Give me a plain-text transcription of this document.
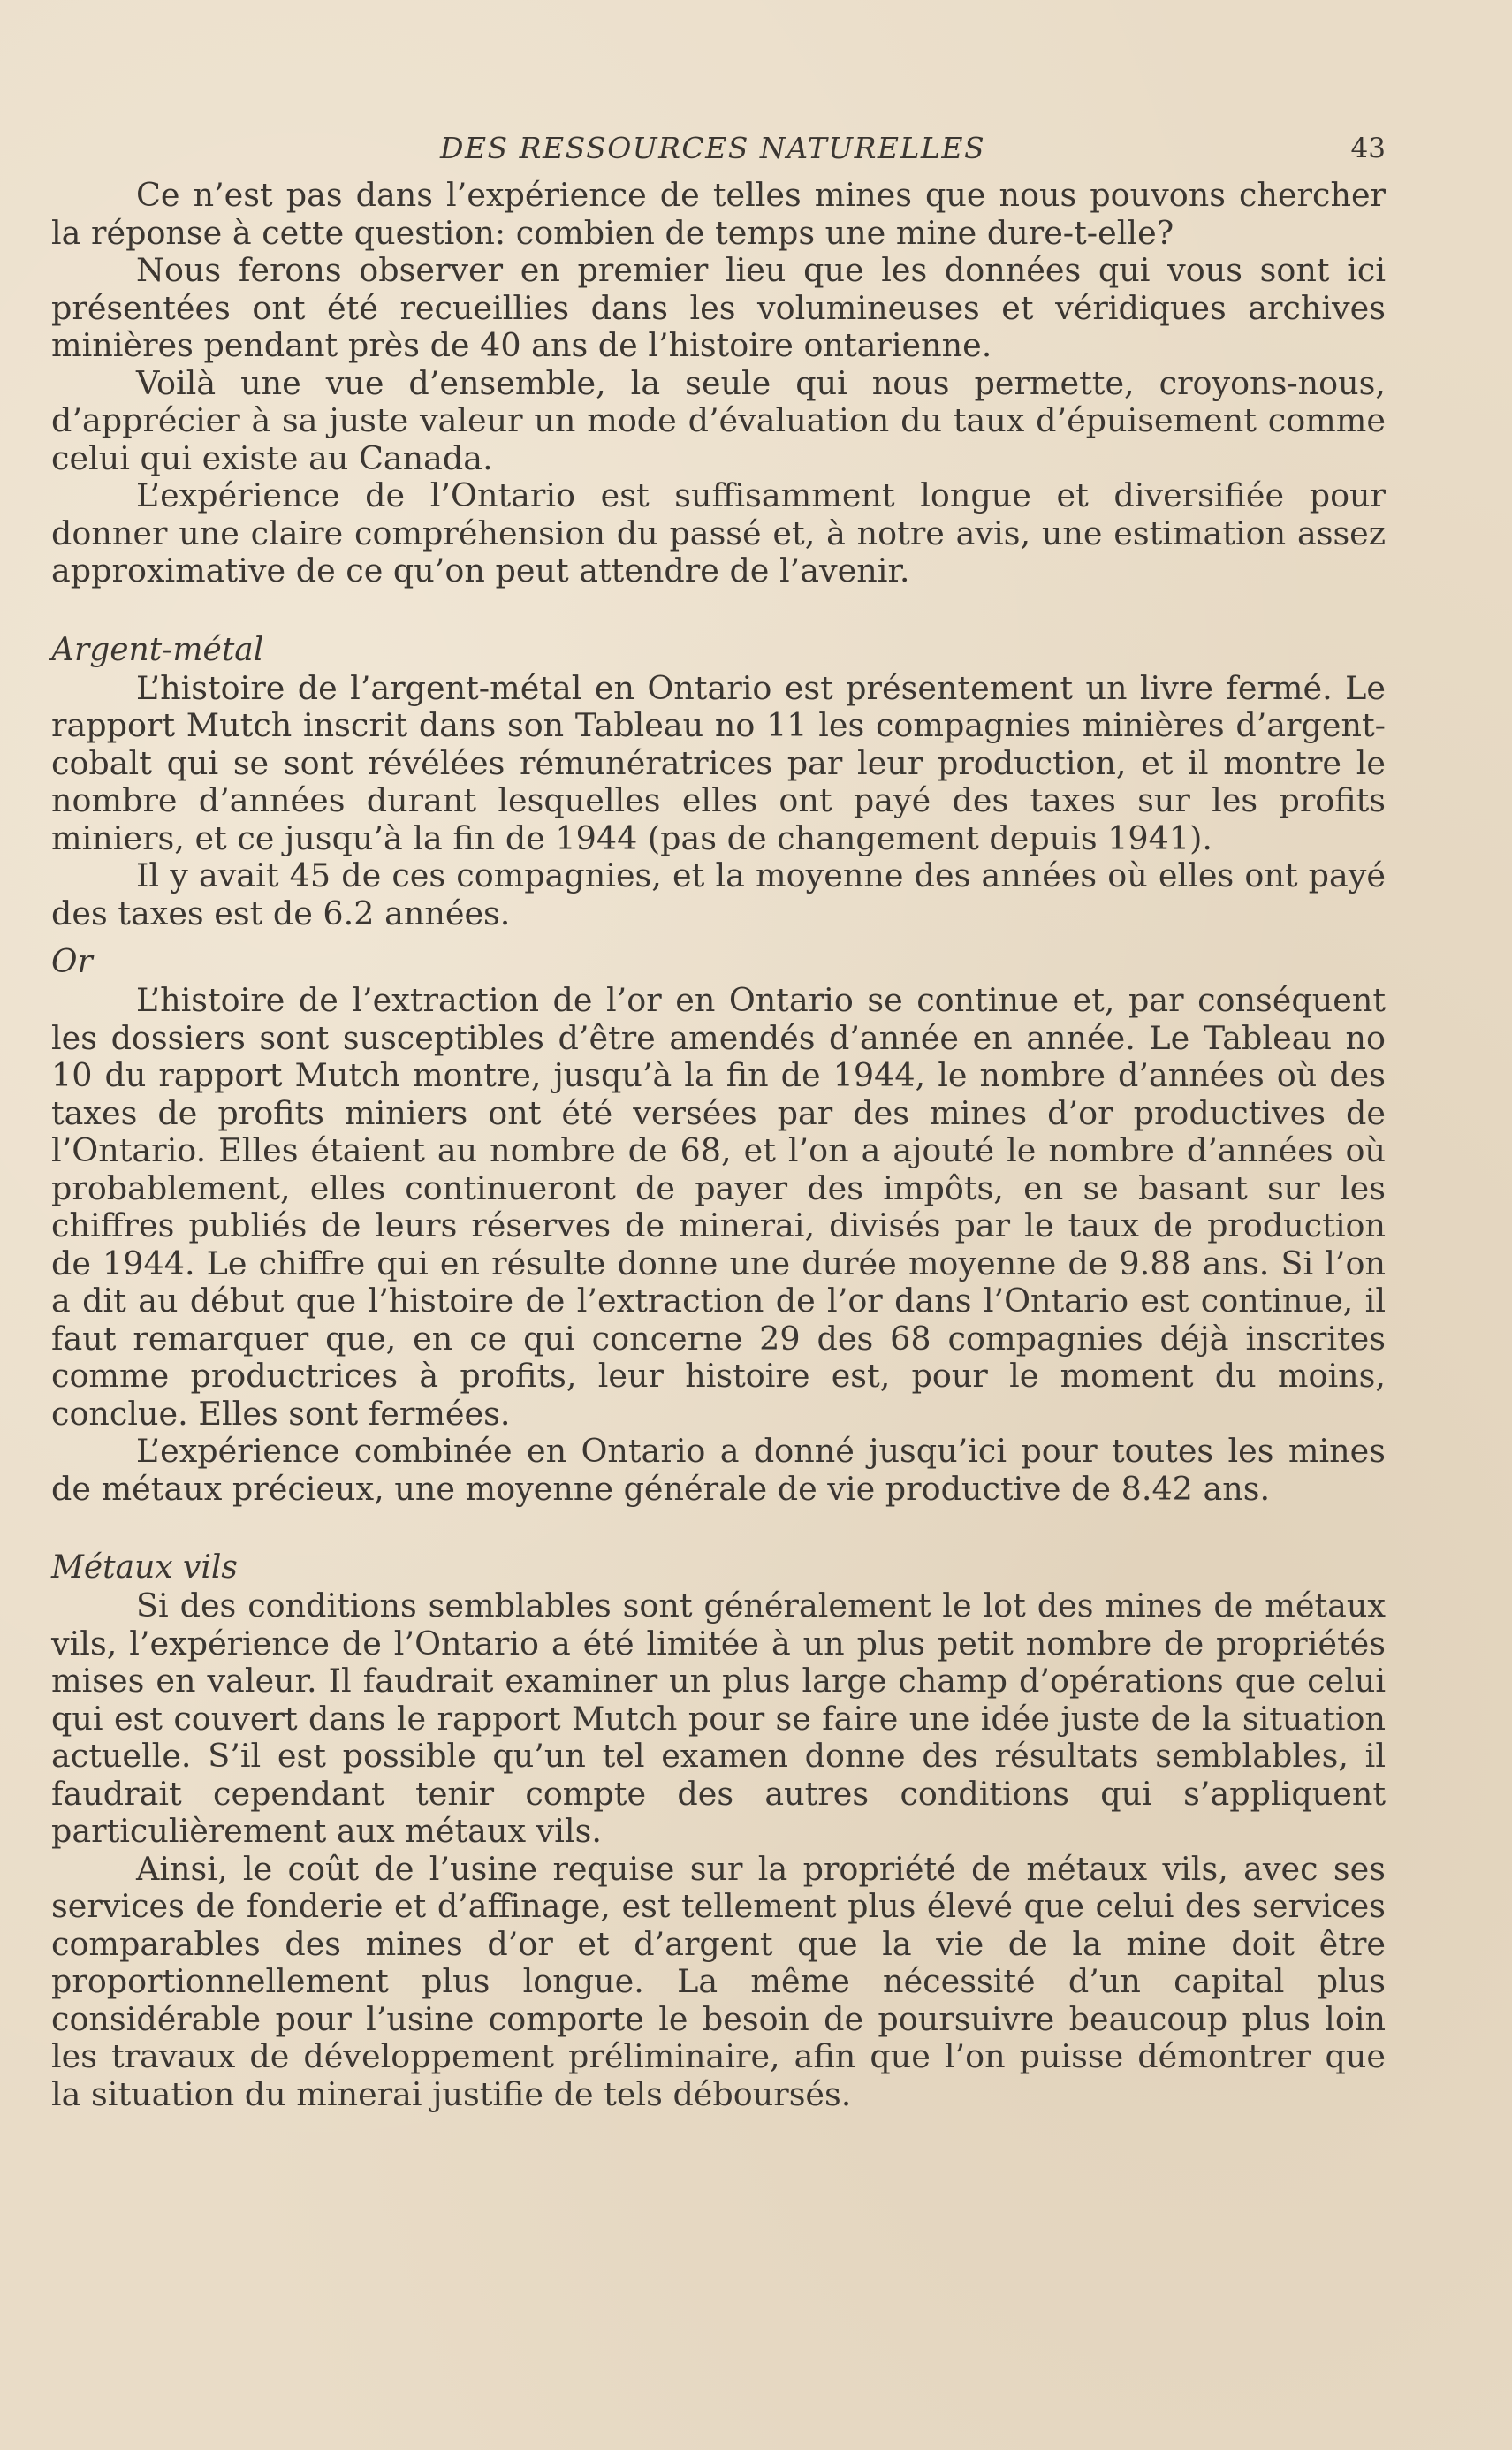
DES RESSOURCES NATURELLES	43

Ce n’est pas dans l’expérience de telles mines que nous pouvons chercher la réponse à cette question: combien de temps une mine dure-t-elle?

Nous ferons observer en premier lieu que les données qui vous sont ici présentées ont été recueillies dans les volumineuses et véridiques archives minières pendant près de 40 ans de l’histoire ontarienne.

Voilà une vue d’ensemble, la seule qui nous permette, croyons-nous, d’apprécier à sa juste valeur un mode d’évaluation du taux d’épuisement comme celui qui existe au Canada.

L’expérience de l’Ontario est suffisamment longue et diversifiée pour donner une claire compréhension du passé et, à notre avis, une estimation assez approximative de ce qu’on peut attendre de l’avenir.

Argent-métal

L’histoire de l’argent-métal en Ontario est présentement un livre fermé. Le rapport Mutch inscrit dans son Tableau no 11 les compagnies minières d’argent-cobalt qui se sont révélées rémunératrices par leur production, et il montre le nombre d’années durant lesquelles elles ont payé des taxes sur les profits miniers, et ce jusqu’à la fin de 1944 (pas de changement depuis 1941).

Il y avait 45 de ces compagnies, et la moyenne des années où elles ont payé des taxes est de 6.2 années.

Or

L’histoire de l’extraction de l’or en Ontario se continue et, par conséquent les dossiers sont susceptibles d’être amendés d’année en année. Le Tableau no 10 du rapport Mutch montre, jusqu’à la fin de 1944, le nombre d’années où des taxes de profits miniers ont été versées par des mines d’or productives de l’Ontario. Elles étaient au nombre de 68, et l’on a ajouté le nombre d’années où probablement, elles continueront de payer des impôts, en se basant sur les chiffres publiés de leurs réserves de minerai, divisés par le taux de production de 1944. Le chiffre qui en résulte donne une durée moyenne de 9.88 ans. Si l’on a dit au début que l’histoire de l’extraction de l’or dans l’Ontario est continue, il faut remarquer que, en ce qui concerne 29 des 68 compagnies déjà inscrites comme productrices à profits, leur histoire est, pour le moment du moins, conclue. Elles sont fermées.

L’expérience combinée en Ontario a donné jusqu’ici pour toutes les mines de métaux précieux, une moyenne générale de vie productive de 8.42 ans.

Métaux vils

Si des conditions semblables sont généralement le lot des mines de métaux vils, l’expérience de l’Ontario a été limitée à un plus petit nombre de propriétés mises en valeur. Il faudrait examiner un plus large champ d’opérations que celui qui est couvert dans le rapport Mutch pour se faire une idée juste de la situation actuelle. S’il est possible qu’un tel examen donne des résultats semblables, il faudrait cependant tenir compte des autres conditions qui s’appliquent particulièrement aux métaux vils.

Ainsi, le coût de l’usine requise sur la propriété de métaux vils, avec ses services de fonderie et d’affinage, est tellement plus élevé que celui des services comparables des mines d’or et d’argent que la vie de la mine doit être proportionnellement plus longue. La même nécessité d’un capital plus considérable pour l’usine comporte le besoin de poursuivre beaucoup plus loin les travaux de développement préliminaire, afin que l’on puisse démontrer que la situation du minerai justifie de tels déboursés.
